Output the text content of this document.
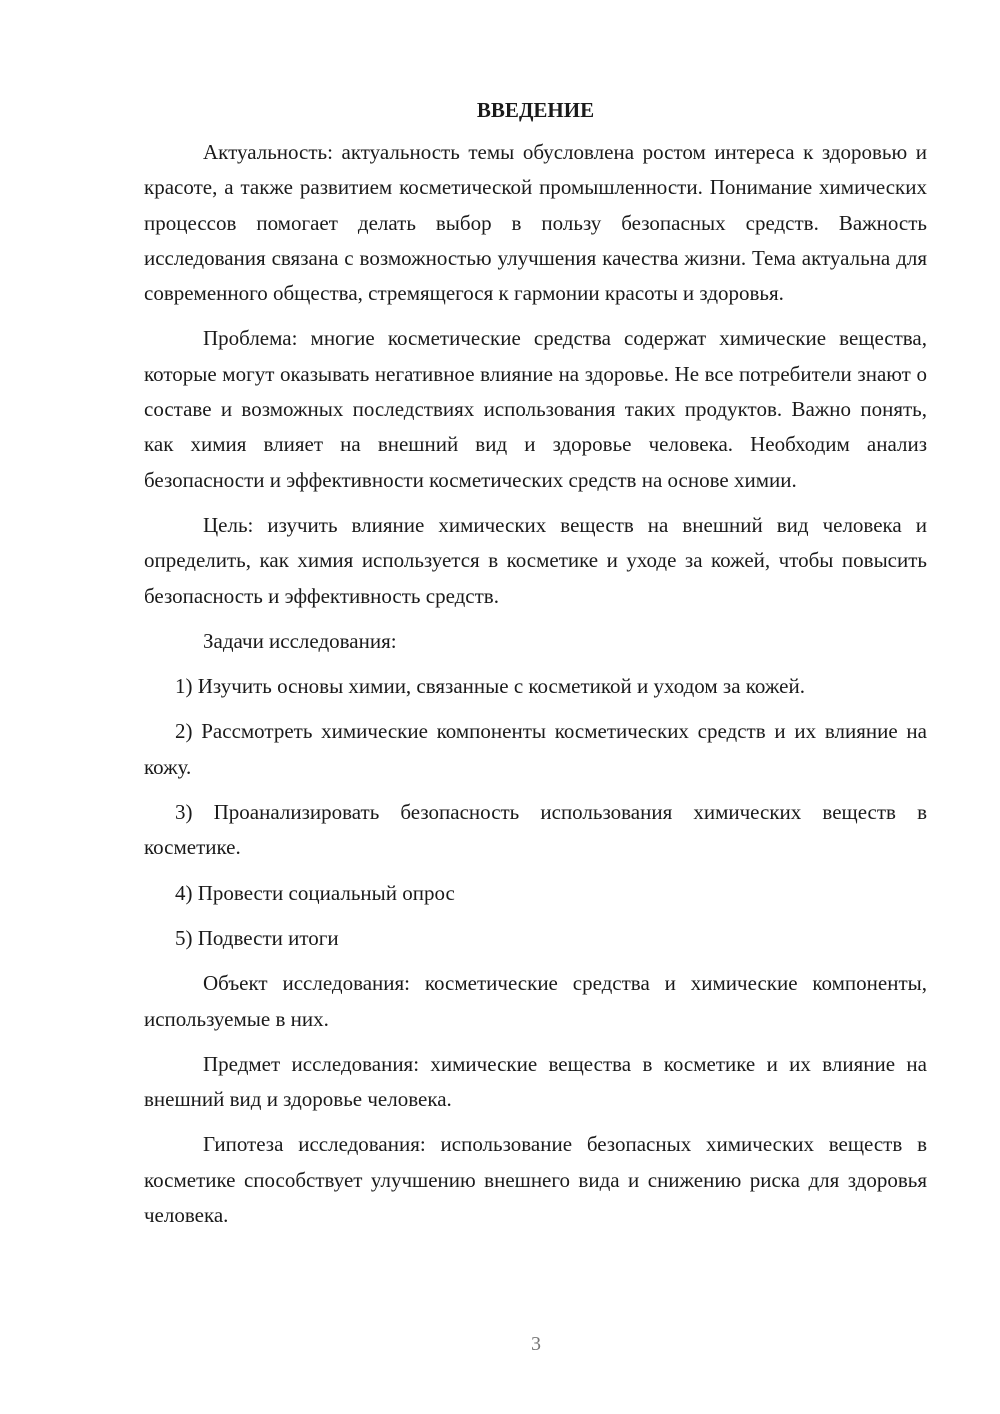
ВВЕДЕНИЕ

Актуальность: актуальность темы обусловлена ростом интереса к здоровью и красоте, а также развитием косметической промышленности. Понимание химических процессов помогает делать выбор в пользу безопасных средств. Важность исследования связана с возможностью улучшения качества жизни. Тема актуальна для современного общества, стремящегося к гармонии красоты и здоровья.

Проблема: многие косметические средства содержат химические вещества, которые могут оказывать негативное влияние на здоровье. Не все потребители знают о составе и возможных последствиях использования таких продуктов. Важно понять, как химия влияет на внешний вид и здоровье человека. Необходим анализ безопасности и эффективности косметических средств на основе химии.

Цель: изучить влияние химических веществ на внешний вид человека и определить, как химия используется в косметике и уходе за кожей, чтобы повысить безопасность и эффективность средств.

Задачи исследования:

1) Изучить основы химии, связанные с косметикой и уходом за кожей.

2) Рассмотреть химические компоненты косметических средств и их влияние на кожу.

3) Проанализировать безопасность использования химических веществ в косметике.

4) Провести социальный опрос

5) Подвести итоги

Объект исследования: косметические средства и химические компоненты, используемые в них.

Предмет исследования: химические вещества в косметике и их влияние на внешний вид и здоровье человека.

Гипотеза исследования: использование безопасных химических веществ в косметике способствует улучшению внешнего вида и снижению риска для здоровья человека.

3
